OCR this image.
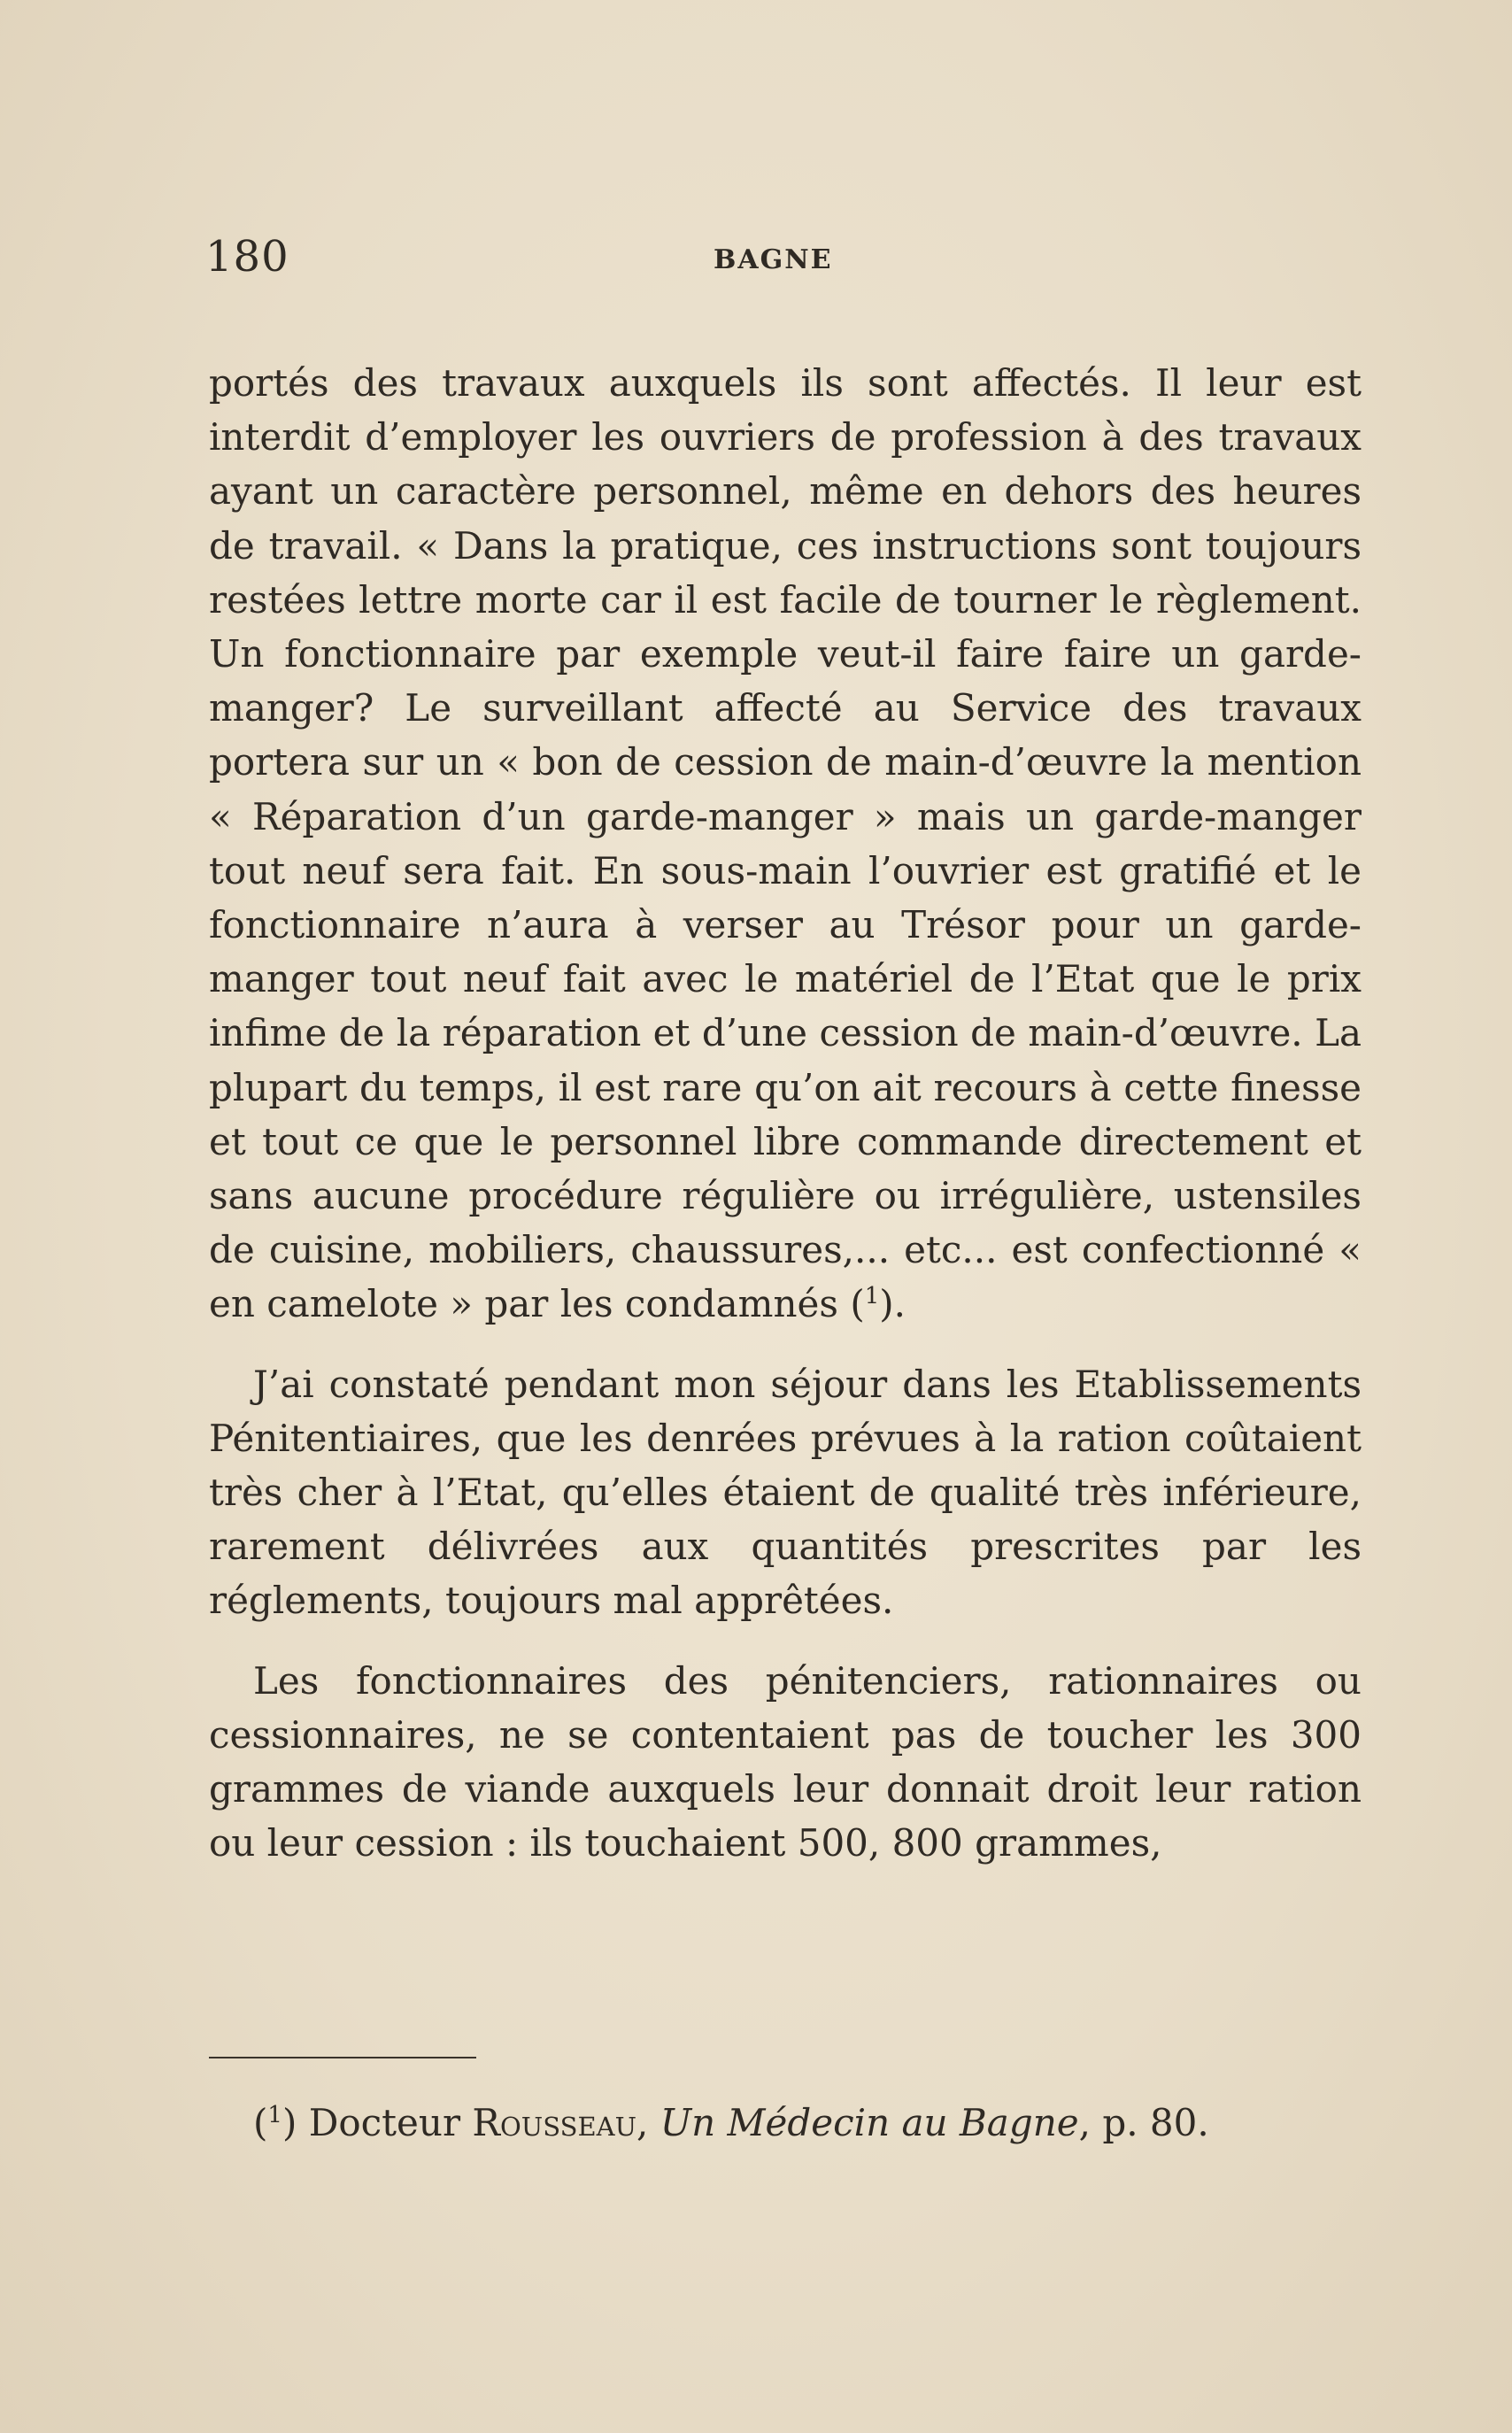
180	BAGNE

portés des travaux auxquels ils sont affectés. Il leur est interdit d’employer les ouvriers de profession à des travaux ayant un caractère personnel, même en dehors des heures de travail. « Dans la pratique, ces instructions sont toujours restées lettre morte car il est facile de tourner le règlement. Un fonctionnaire par exemple veut-il faire faire un garde-manger? Le surveillant affecté au Service des travaux portera sur un « bon de cession de main-d’œuvre la mention « Réparation d’un garde-manger » mais un garde-manger tout neuf sera fait. En sous-main l’ouvrier est gratifié et le fonctionnaire n’aura à verser au Trésor pour un garde-manger tout neuf fait avec le matériel de l’Etat que le prix infime de la réparation et d’une cession de main-d’œuvre. La plupart du temps, il est rare qu’on ait recours à cette finesse et tout ce que le personnel libre commande directement et sans aucune procédure régulière ou irrégulière, ustensiles de cuisine, mobiliers, chaussures,... etc... est confectionné « en camelote » par les condamnés ($^1$).

J’ai constaté pendant mon séjour dans les Etablissements Pénitentiaires, que les denrées prévues à la ration coûtaient très cher à l’Etat, qu’elles étaient de qualité très inférieure, rarement délivrées aux quantités prescrites par les réglements, toujours mal apprêtées.

Les fonctionnaires des pénitenciers, rationnaires ou cessionnaires, ne se contentaient pas de toucher les 300 grammes de viande auxquels leur donnait droit leur ration ou leur cession : ils touchaient 500, 800 grammes,

($^1$) Docteur Rousseau, Un Médecin au Bagne, p. 80.
